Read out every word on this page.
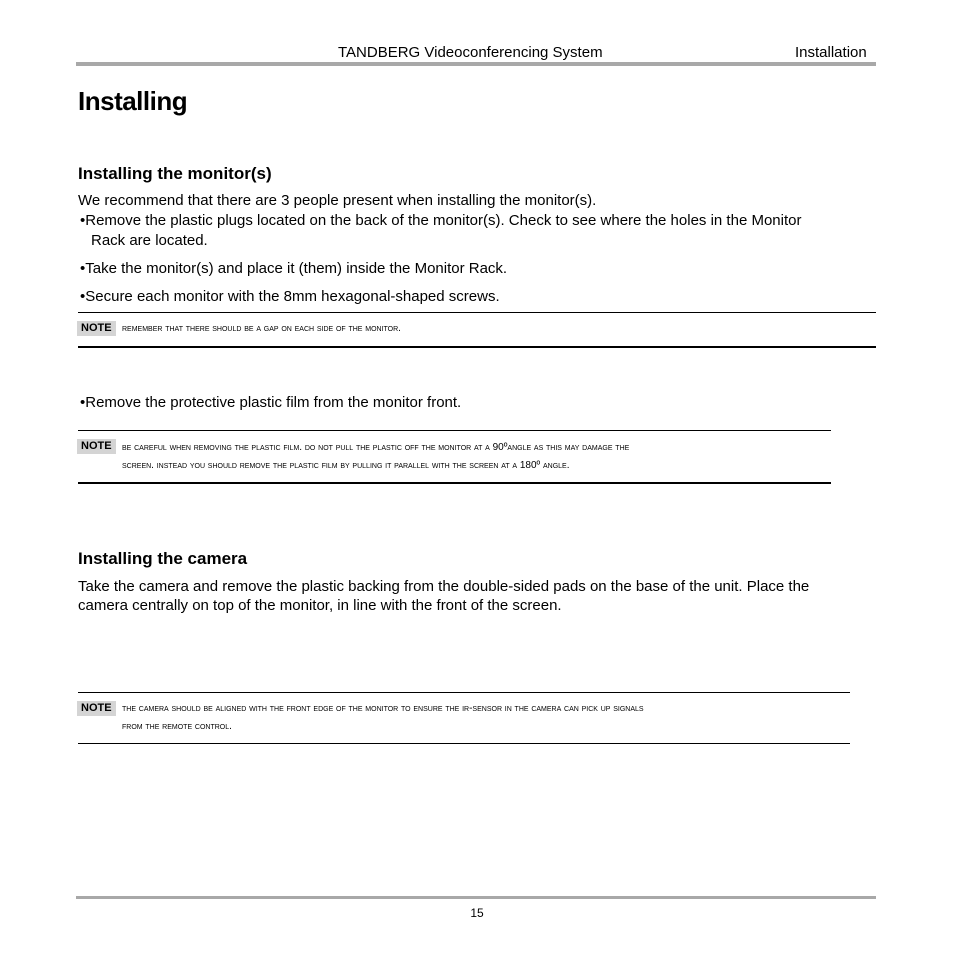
TANDBERG Videoconferencing System	Installation
Installing
Installing the monitor(s)
We recommend that there are 3 people present when installing the monitor(s).
•Remove the plastic plugs located on the back of the monitor(s). Check to see where the holes in the Monitor
Rack are located.
•Take the monitor(s) and place it (them) inside the Monitor Rack.
•Secure each monitor with the 8mm hexagonal-shaped screws.
NOTE	remember that there should be a gap on each side of the monitor.
•Remove the protective plastic film from the monitor front.
NOTE	be careful when removing the plastic film. do not pull the plastic off the monitor at a 90ºangle as this may damage the
screen. instead you should remove the plastic film by pulling it parallel with the screen at a 180º angle.
Installing the camera
Take the camera and remove the plastic backing from the double-sided pads on the base of the unit. Place the
camera centrally on top of the monitor, in line with the front of the screen.
NOTE	the camera should be aligned with the front edge of the monitor to ensure the ir-sensor in the camera can pick up signals
from the remote control.
15
